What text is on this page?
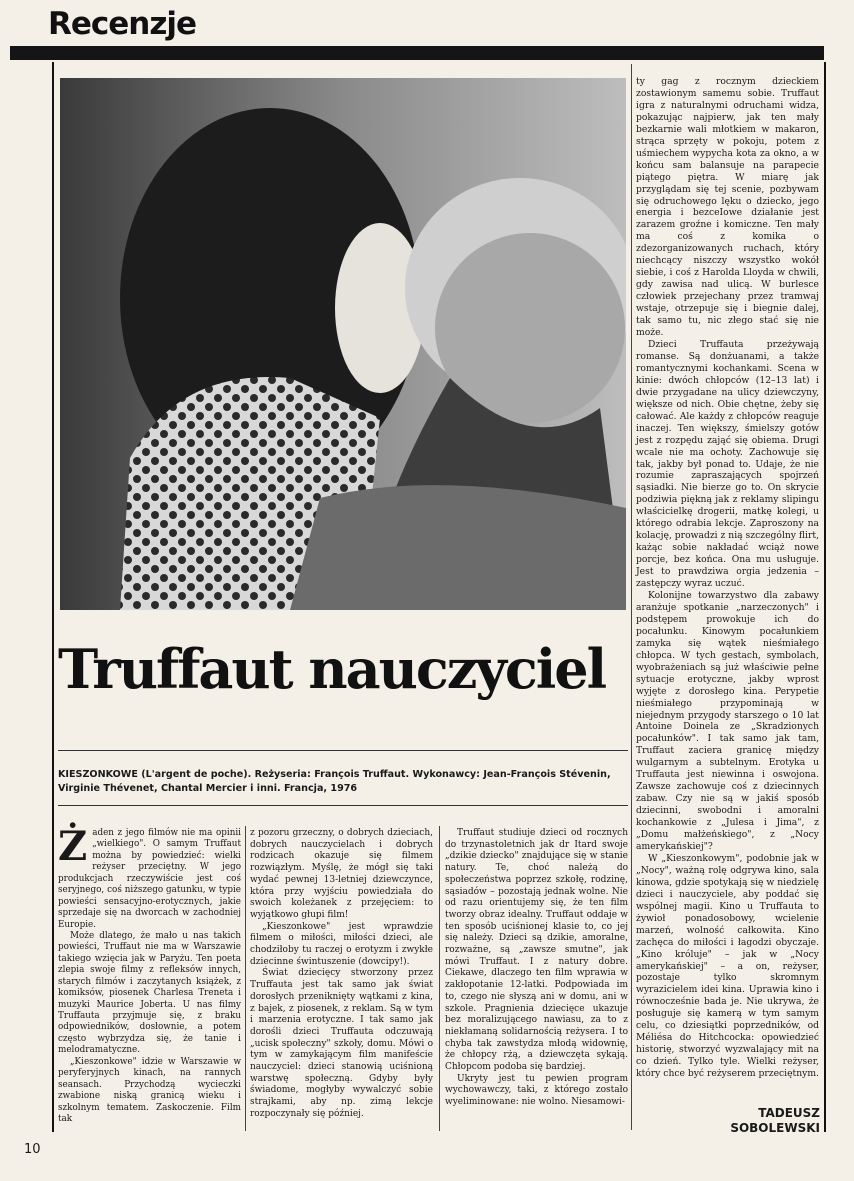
Recenzje
Truffaut nauczyciel
KIESZONKOWE (L'argent de poche). Reżyseria: François Truffaut. Wykonawcy: Jean-François Stévenin, Virginie Thévenet, Chantal Mercier i inni. Francja, 1976
Ż aden z jego filmów nie ma opinii „wielkiego". O samym Truffaut można by powiedzieć: wielki reżyser przeciętny. W jego produkcjach rzeczywiście jest coś seryjnego, coś niższego gatunku, w typie powieści sensacyjno-erotycznych, jakie sprzedaje się na dworcach w zachodniej Europie.

Może dlatego, że mało u nas takich powieści, Truffaut nie ma w Warszawie takiego wzięcia jak w Paryżu. Ten poeta zlepia swoje filmy z refleksów innych, starych filmów i zaczytanych książek, z komiksów, piosenek Charlesa Treneta i muzyki Maurice Joberta. U nas filmy Truffauta przyjmuje się, z braku odpowiedników, dosłownie, a potem często wybrzydza się, że tanie i melodramatyczne.

„Kieszonkowe" idzie w Warszawie w peryferyjnych kinach, na rannych seansach. Przychodzą wycieczki zwabione niską granicą wieku i szkolnym tematem. Zaskoczenie. Film tak

z pozoru grzeczny, o dobrych dzieciach, dobrych nauczycielach i dobrych rodzicach okazuje się filmem rozwiązłym. Myślę, że mógł się taki wydać pewnej 13-letniej dziewczynce, która przy wyjściu powiedziała do swoich koleżanek z przejęciem: to wyjątkowo głupi film!

„Kieszonkowe" jest wprawdzie filmem o miłości, miłości dzieci, ale chodziłoby tu raczej o erotyzm i zwykłe dziecinne świntuszenie (dowcipy!).

Świat dziecięcy stworzony przez Truffauta jest tak samo jak świat dorosłych przeniknięty wątkami z kina, z bajek, z piosenek, z reklam. Są w tym i marzenia erotyczne. I tak samo jak dorośli dzieci Truffauta odczuwają „ucisk społeczny" szkoły, domu. Mówi o tym w zamykającym film manifeście nauczyciel: dzieci stanowią uciśnioną warstwę społeczną. Gdyby były świadome, mogłyby wywalczyć sobie strajkami, aby np. zimą lekcje rozpoczynały się później.

Truffaut studiuje dzieci od rocznych do trzynastoletnich jak dr Itard swoje „dzikie dziecko" znajdujące się w stanie natury. Te, choć należą do społeczeństwa poprzez szkołę, rodzinę, sąsiadów – pozostają jednak wolne. Nie od razu orientujemy się, że ten film tworzy obraz idealny. Truffaut oddaje w ten sposób uciśnionej klasie to, co jej się należy. Dzieci są dzikie, amoralne, rozważne, są „zawsze smutne", jak mówi Truffaut. I z natury dobre. Ciekawe, dlaczego ten film wprawia w zakłopotanie 12-latki. Podpowiada im to, czego nie słyszą ani w domu, ani w szkole. Pragnienia dziecięce ukazuje bez moralizującego nawiasu, za to z niekłamaną solidarnością reżysera. I to chyba tak zawstydza młodą widownię, że chłopcy rżą, a dziewczęta sykają. Chłopcom podoba się bardziej.

Ukryty jest tu pewien program wychowawczy, taki, z którego zostało wyeliminowane: nie wolno. Niesamowi-

ty gag z rocznym dzieckiem zostawionym samemu sobie. Truffaut igra z naturalnymi odruchami widza, pokazując najpierw, jak ten mały bezkarnie wali młotkiem w makaron, strąca sprzęty w pokoju, potem z uśmiechem wypycha kota za okno, a w końcu sam balansuje na parapecie piątego piętra. W miarę jak przyglądam się tej scenie, pozbywam się odruchowego lęku o dziecko, jego energia i bezceIowe działanie jest zarazem groźne i komiczne. Ten mały ma coś z komika o zdezorganizowanych ruchach, który niechcący niszczy wszystko wokół siebie, i coś z Harolda Lloyda w chwili, gdy zawisa nad ulicą. W burlesce człowiek przejechany przez tramwaj wstaje, otrzepuje się i biegnie dalej, tak samo tu, nic złego stać się nie może.

Dzieci Truffauta przeżywają romanse. Są donżuanami, a także romantycznymi kochankami. Scena w kinie: dwóch chłopców (12–13 lat) i dwie przygadane na ulicy dziewczyny, większe od nich. Obie chętne, żeby się całować. Ale każdy z chłopców reaguje inaczej. Ten większy, śmielszy gotów jest z rozpędu zająć się obiema. Drugi wcale nie ma ochoty. Zachowuje się tak, jakby był ponad to. Udaje, że nie rozumie zapraszających spojrzeń sąsiadki. Nie bierze go to. On skrycie podziwia piękną jak z reklamy slipingu właścicielkę drogerii, matkę kolegi, u którego odrabia lekcje. Zaproszony na kolację, prowadzi z nią szczególny flirt, każąc sobie nakładać wciąż nowe porcje, bez końca. Ona mu usługuje. Jest to prawdziwa orgia jedzenia – zastępczy wyraz uczuć.

Kolonijne towarzystwo dla zabawy aranżuje spotkanie „narzeczonych" i podstępem prowokuje ich do pocałunku. Kinowym pocałunkiem zamyka się wątek nieśmiałego chłopca. W tych gestach, symbolach, wyobrażeniach są już właściwie pełne sytuacje erotyczne, jakby wprost wyjęte z dorosłego kina. Perypetie nieśmiałego przypominają w niejednym przygody starszego o 10 lat Antoine Doinela ze „Skradzionych pocałunków". I tak samo jak tam, Truffaut zaciera granicę między wulgarnym a subtelnym. Erotyka u Truffauta jest niewinna i oswojona. Zawsze zachowuje coś z dziecinnych zabaw. Czy nie są w jakiś sposób dziecinni, swobodni i amoralni kochankowie z „Julesa i Jima", z „Domu małżeńskiego", z „Nocy amerykańskiej"?

W „Kieszonkowym", podobnie jak w „Nocy", ważną rolę odgrywa kino, sala kinowa, gdzie spotykają się w niedzielę dzieci i nauczyciele, aby poddać się wspólnej magii. Kino u Truffauta to żywioł ponadosobowy, wcielenie marzeń, wolność całkowita. Kino zachęca do miłości i łagodzi obyczaje. „Kino króluje" – jak w „Nocy amerykańskiej" – a on, reżyser, pozostaje tylko skromnym wyrazicielem idei kina. Uprawia kino i równocześnie bada je. Nie ukrywa, że posługuje się kamerą w tym samym celu, co dziesiątki poprzedników, od Méliésa do Hitchcocka: opowiedzieć historię, stworzyć wyzwalający mit na co dzień. Tylko tyle. Wielki reżyser, który chce być reżyserem przeciętnym.

TADEUSZ
SOBOLEWSKI
10
